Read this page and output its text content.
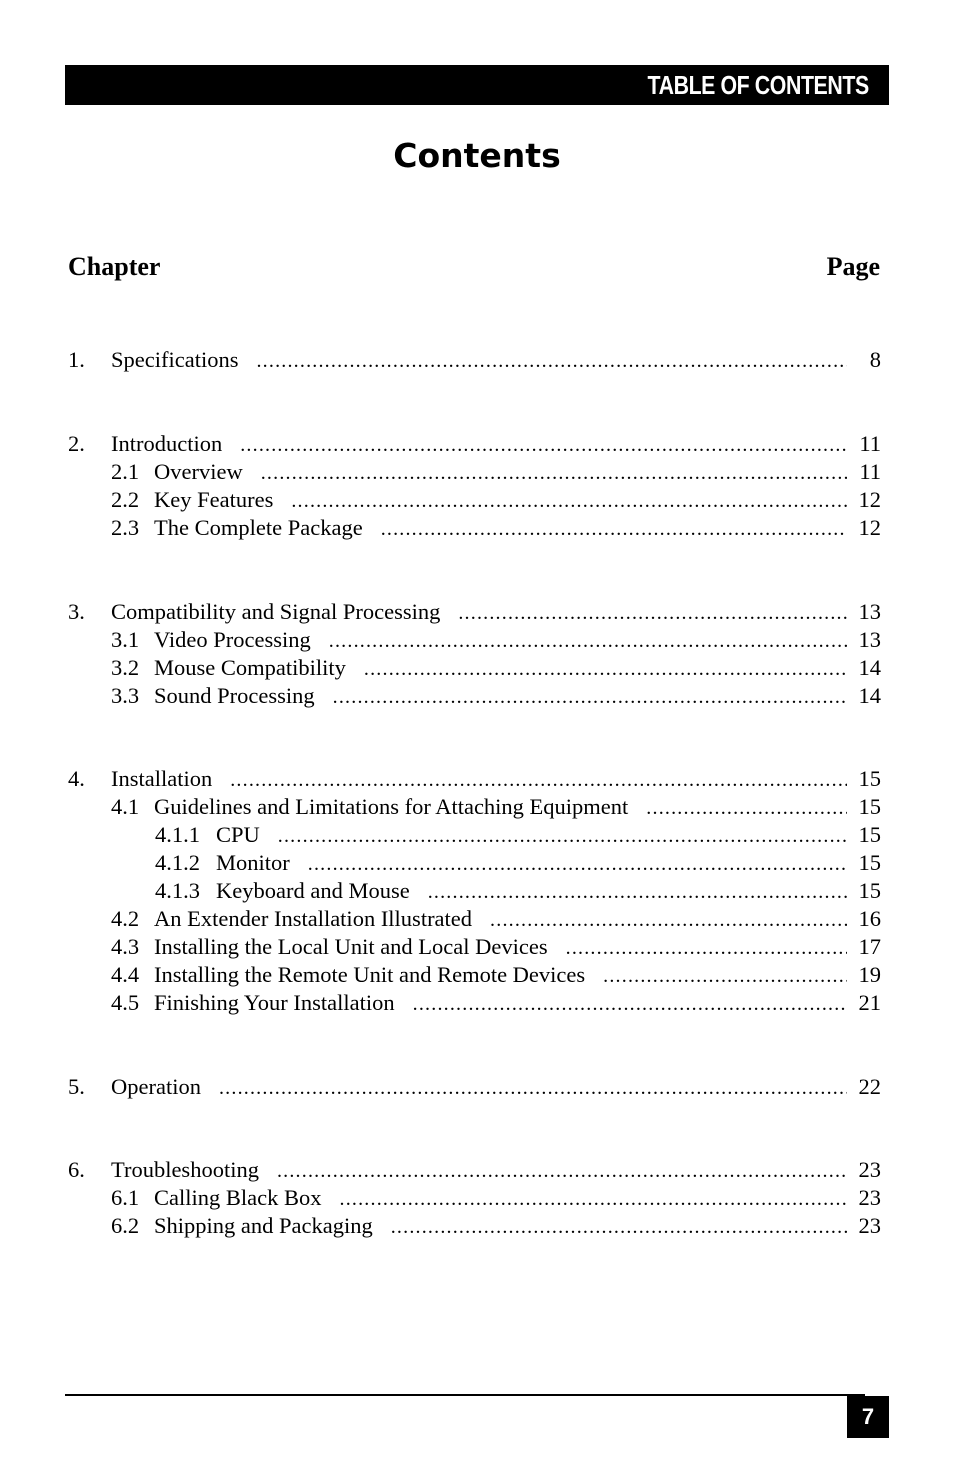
TABLE OF CONTENTS
Contents
Chapter	Page
1.	Specifications .....	8
2.	Introduction .....	11
2.1 Overview .....	11
2.2 Key Features .....	12
2.3 The Complete Package .....	12
3.	Compatibility and Signal Processing .....	13
3.1 Video Processing .....	13
3.2 Mouse Compatibility .....	14
3.3 Sound Processing .....	14
4.	Installation .....	15
4.1 Guidelines and Limitations for Attaching Equipment .....	15
4.1.1 CPU .....	15
4.1.2 Monitor .....	15
4.1.3 Keyboard and Mouse .....	15
4.2 An Extender Installation Illustrated .....	16
4.3 Installing the Local Unit and Local Devices .....	17
4.4 Installing the Remote Unit and Remote Devices .....	19
4.5 Finishing Your Installation .....	21
5.	Operation .....	22
6.	Troubleshooting .....	23
6.1 Calling Black Box .....	23
6.2 Shipping and Packaging .....	23
7
